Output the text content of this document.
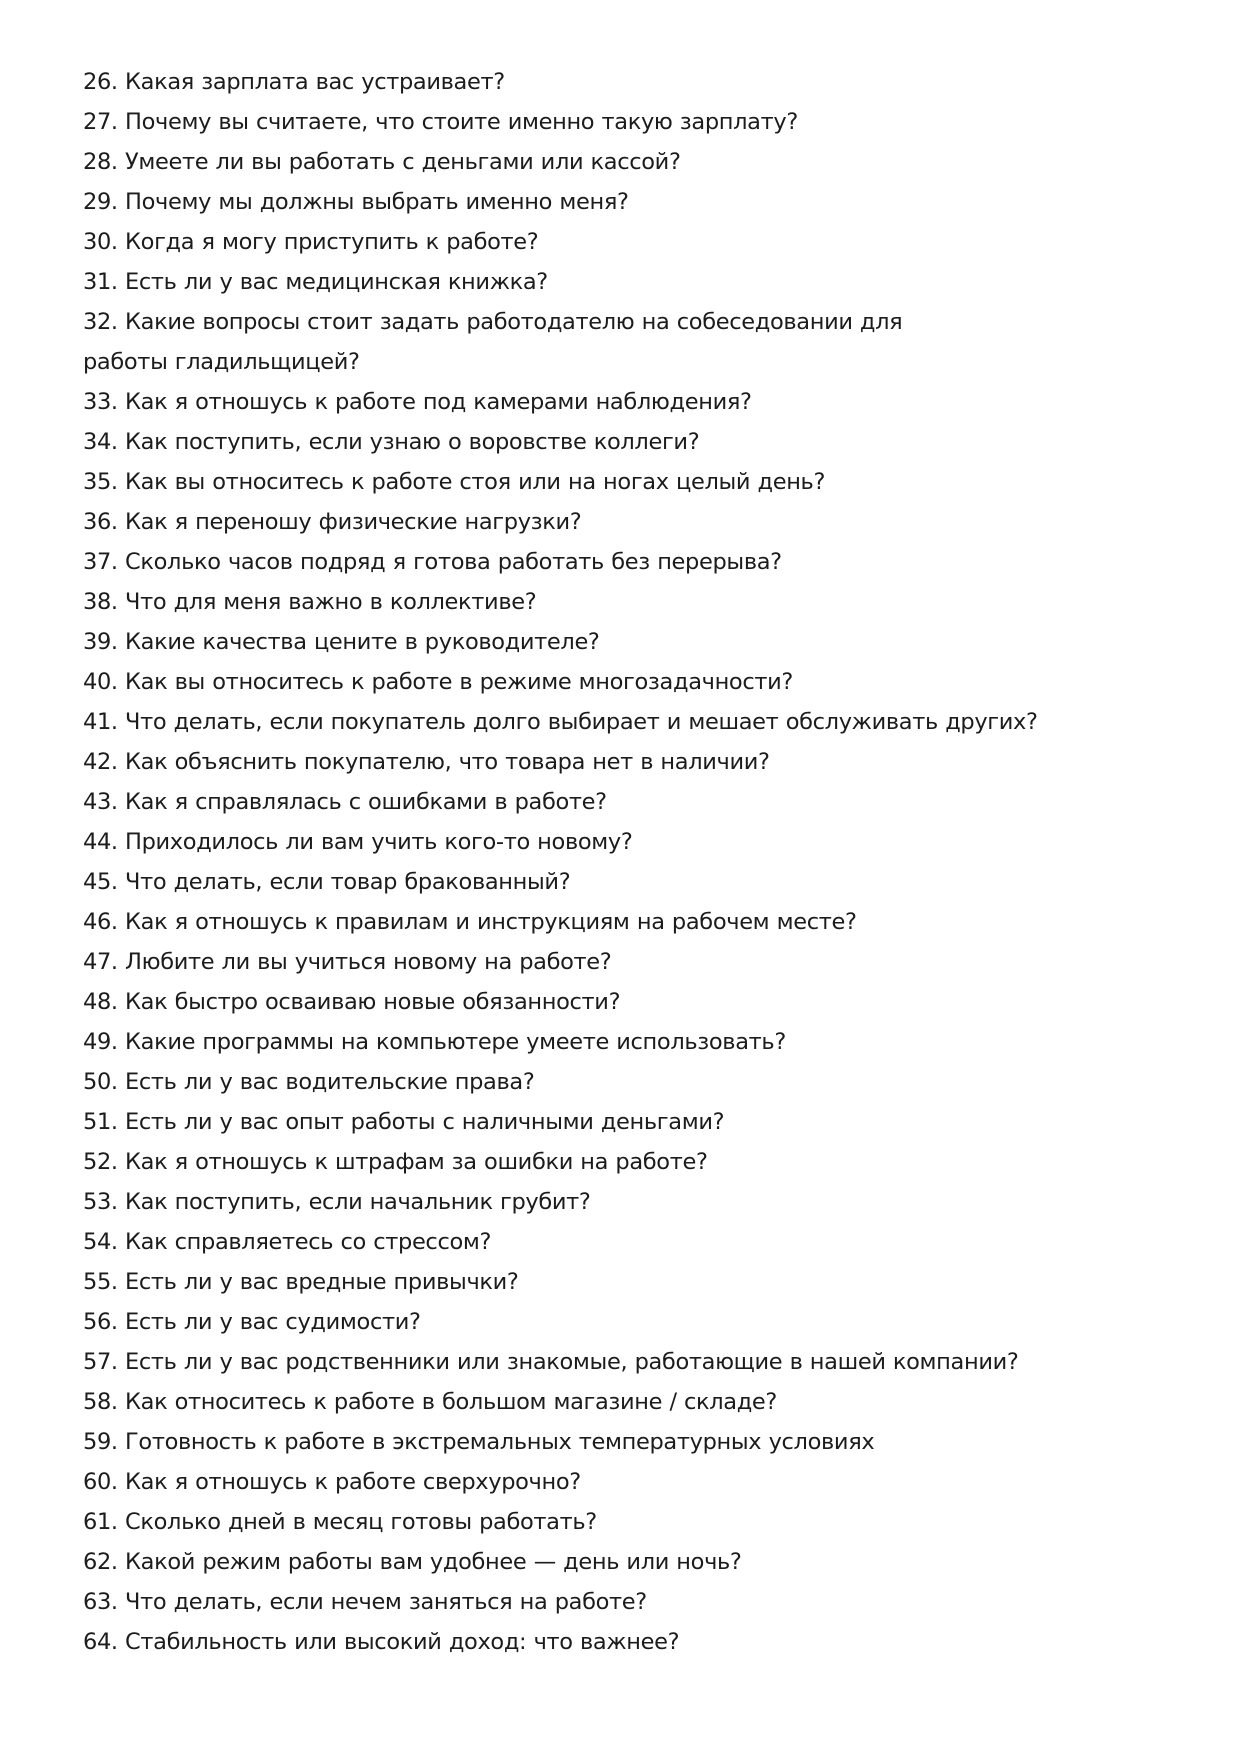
26. Какая зарплата вас устраивает?
27. Почему вы считаете, что стоите именно такую зарплату?
28. Умеете ли вы работать с деньгами или кассой?
29. Почему мы должны выбрать именно меня?
30. Когда я могу приступить к работе?
31. Есть ли у вас медицинская книжка?
32. Какие вопросы стоит задать работодателю на собеседовании для работы гладильщицей?
33. Как я отношусь к работе под камерами наблюдения?
34. Как поступить, если узнаю о воровстве коллеги?
35. Как вы относитесь к работе стоя или на ногах целый день?
36. Как я переношу физические нагрузки?
37. Сколько часов подряд я готова работать без перерыва?
38. Что для меня важно в коллективе?
39. Какие качества цените в руководителе?
40. Как вы относитесь к работе в режиме многозадачности?
41. Что делать, если покупатель долго выбирает и мешает обслуживать других?
42. Как объяснить покупателю, что товара нет в наличии?
43. Как я справлялась с ошибками в работе?
44. Приходилось ли вам учить кого-то новому?
45. Что делать, если товар бракованный?
46. Как я отношусь к правилам и инструкциям на рабочем месте?
47. Любите ли вы учиться новому на работе?
48. Как быстро осваиваю новые обязанности?
49. Какие программы на компьютере умеете использовать?
50. Есть ли у вас водительские права?
51. Есть ли у вас опыт работы с наличными деньгами?
52. Как я отношусь к штрафам за ошибки на работе?
53. Как поступить, если начальник грубит?
54. Как справляетесь со стрессом?
55. Есть ли у вас вредные привычки?
56. Есть ли у вас судимости?
57. Есть ли у вас родственники или знакомые, работающие в нашей компании?
58. Как относитесь к работе в большом магазине / складе?
59. Готовность к работе в экстремальных температурных условиях
60. Как я отношусь к работе сверхурочно?
61. Сколько дней в месяц готовы работать?
62. Какой режим работы вам удобнее — день или ночь?
63. Что делать, если нечем заняться на работе?
64. Стабильность или высокий доход: что важнее?
